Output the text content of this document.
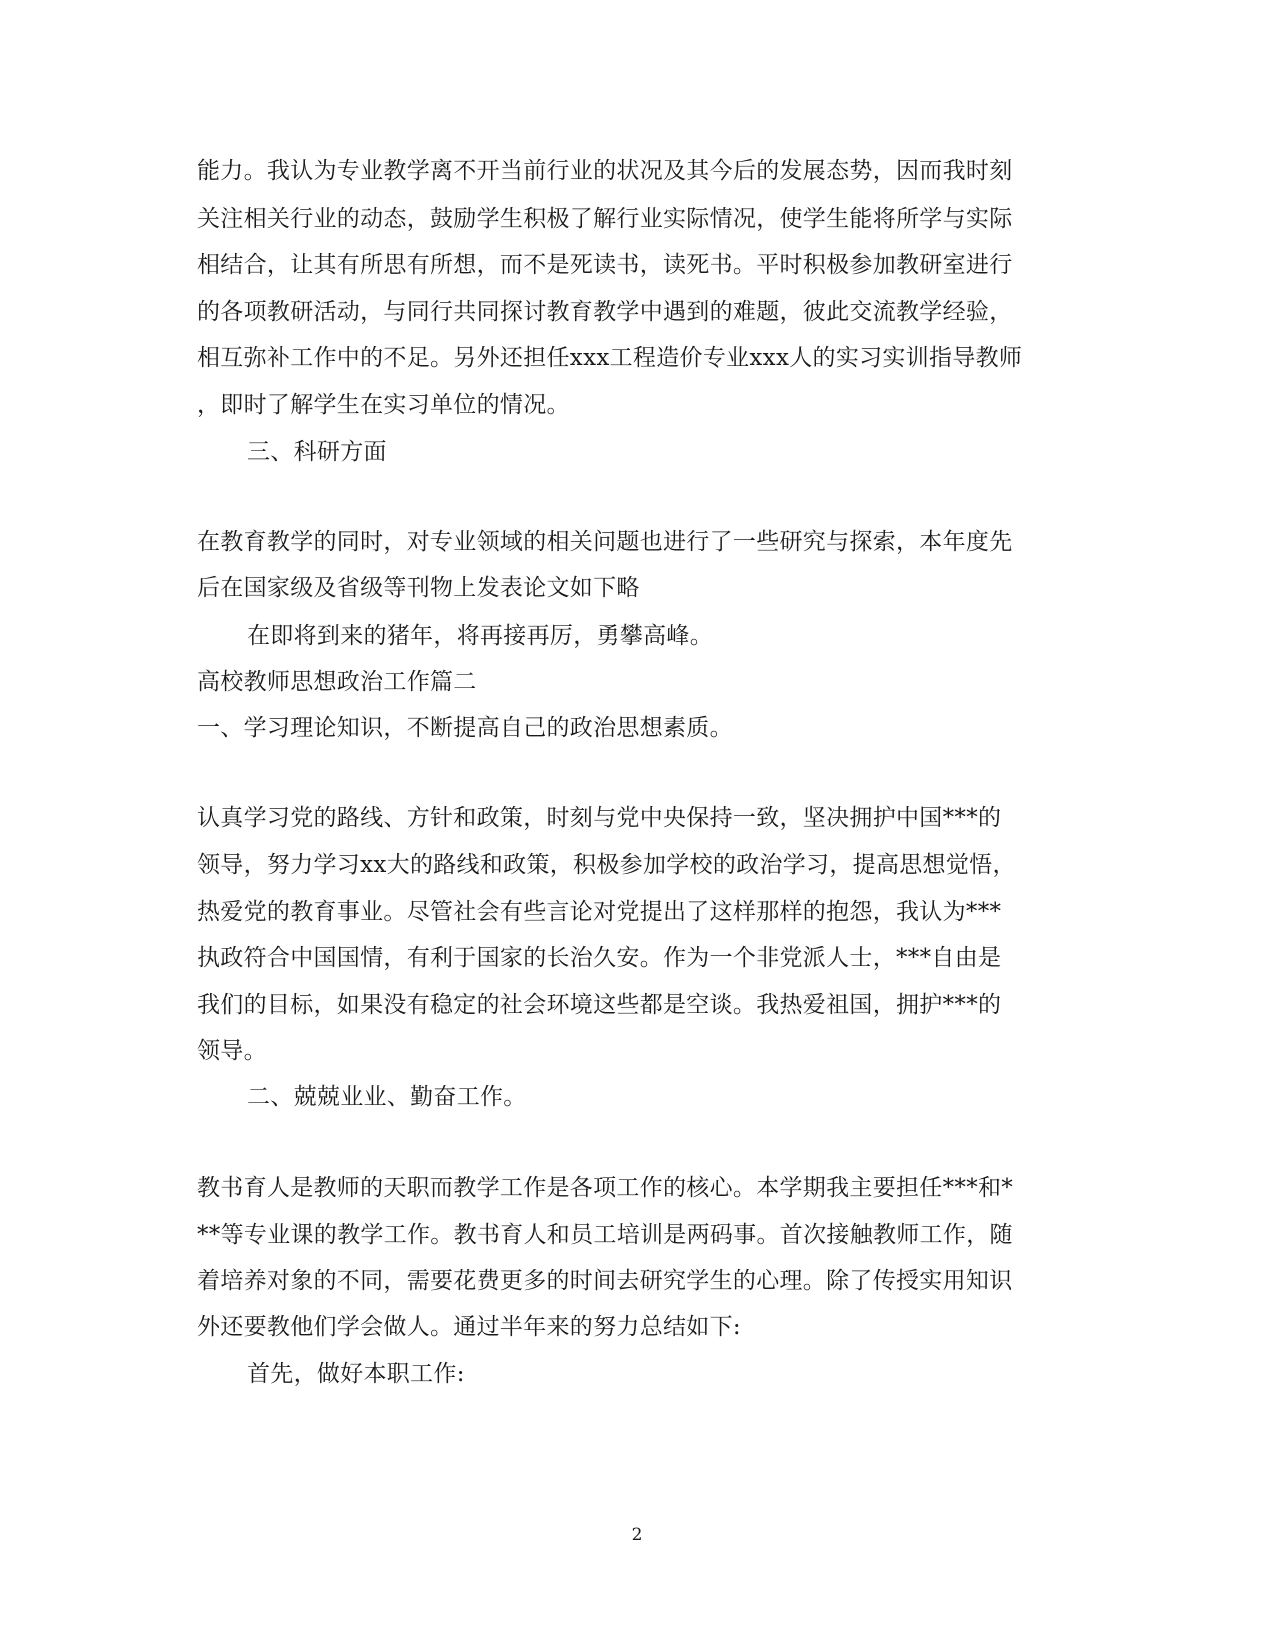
能力。我认为专业教学离不开当前行业的状况及其今后的发展态势，因而我时刻
关注相关行业的动态，鼓励学生积极了解行业实际情况，使学生能将所学与实际
相结合，让其有所思有所想，而不是死读书，读死书。平时积极参加教研室进行
的各项教研活动，与同行共同探讨教育教学中遇到的难题，彼此交流教学经验，
相互弥补工作中的不足。另外还担任xxx工程造价专业xxx人的实习实训指导教师
，即时了解学生在实习单位的情况。
三、科研方面
在教育教学的同时，对专业领域的相关问题也进行了一些研究与探索，本年度先
后在国家级及省级等刊物上发表论文如下略
在即将到来的猪年，将再接再厉，勇攀高峰。
高校教师思想政治工作篇二
一、学习理论知识，不断提高自己的政治思想素质。
认真学习党的路线、方针和政策，时刻与党中央保持一致，坚决拥护中国***的
领导，努力学习xx大的路线和政策，积极参加学校的政治学习，提高思想觉悟，
热爱党的教育事业。尽管社会有些言论对党提出了这样那样的抱怨，我认为***
执政符合中国国情，有利于国家的长治久安。作为一个非党派人士，***自由是
我们的目标，如果没有稳定的社会环境这些都是空谈。我热爱祖国，拥护***的
领导。
二、兢兢业业、勤奋工作。
教书育人是教师的天职而教学工作是各项工作的核心。本学期我主要担任***和*
**等专业课的教学工作。教书育人和员工培训是两码事。首次接触教师工作，随
着培养对象的不同，需要花费更多的时间去研究学生的心理。除了传授实用知识
外还要教他们学会做人。通过半年来的努力总结如下:
首先，做好本职工作:
2
